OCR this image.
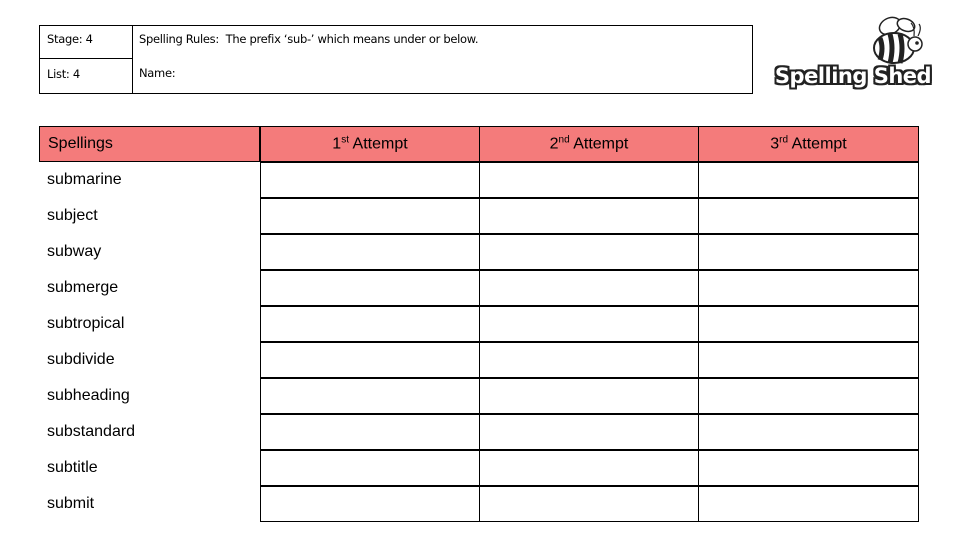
Stage: 4	Spelling Rules: The prefix ‘sub-’ which means under or below.
List: 4	Name:	Spelling Shed
Spellings	1st Attempt	2nd Attempt	3rd Attempt
submarine
subject
subway
submerge
subtropical
subdivide
subheading
substandard
subtitle
submit
